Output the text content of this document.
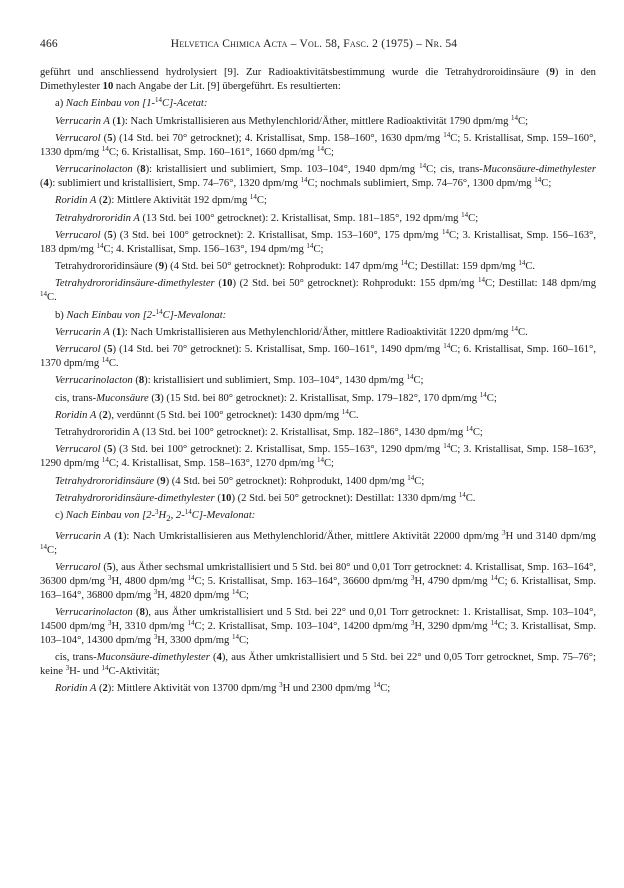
466	Helvetica Chimica Acta – Vol. 58, Fasc. 2 (1975) – Nr. 54

geführt und anschliessend hydrolysiert [9]. Zur Radioaktivitätsbestimmung wurde die Tetrahydroroidinsäure (9) in den Dimethylester 10 nach Angabe der Lit. [9] übergeführt. Es resultierten:

a) Nach Einbau von [1-$^{14}$C]-Acetat:

Verrucarin A (1): Nach Umkristallisieren aus Methylenchlorid/Äther, mittlere Radioaktivität 1790 dpm/mg $^{14}$C;

Verrucarol (5) (14 Std. bei 70° getrocknet); 4. Kristallisat, Smp. 158–160°, 1630 dpm/mg $^{14}$C; 5. Kristallisat, Smp. 159–160°, 1330 dpm/mg $^{14}$C; 6. Kristallisat, Smp. 160–161°, 1660 dpm/mg $^{14}$C;

Verrucarinolacton (8): kristallisiert und sublimiert, Smp. 103–104°, 1940 dpm/mg $^{14}$C; cis, trans-Muconsäure-dimethylester (4): sublimiert und kristallisiert, Smp. 74–76°, 1320 dpm/mg $^{14}$C; nochmals sublimiert, Smp. 74–76°, 1300 dpm/mg $^{14}$C;

Roridin A (2): Mittlere Aktivität 192 dpm/mg $^{14}$C;

Tetrahydrororidin A (13 Std. bei 100° getrocknet): 2. Kristallisat, Smp. 181–185°, 192 dpm/mg $^{14}$C;

Verrucarol (5) (3 Std. bei 100° getrocknet): 2. Kristallisat, Smp. 153–160°, 175 dpm/mg $^{14}$C; 3. Kristallisat, Smp. 156–163°, 183 dpm/mg $^{14}$C; 4. Kristallisat, Smp. 156–163°, 194 dpm/mg $^{14}$C;

Tetrahydrororidinsäure (9) (4 Std. bei 50° getrocknet): Rohprodukt: 147 dpm/mg $^{14}$C; Destillat: 159 dpm/mg $^{14}$C.

Tetrahydrororidinsäure-dimethylester (10) (2 Std. bei 50° getrocknet): Rohprodukt: 155 dpm/mg $^{14}$C; Destillat: 148 dpm/mg $^{14}$C.

b) Nach Einbau von [2-$^{14}$C]-Mevalonat:

Verrucarin A (1): Nach Umkristallisieren aus Methylenchlorid/Äther, mittlere Radioaktivität 1220 dpm/mg $^{14}$C.

Verrucarol (5) (14 Std. bei 70° getrocknet): 5. Kristallisat, Smp. 160–161°, 1490 dpm/mg $^{14}$C; 6. Kristallisat, Smp. 160–161°, 1370 dpm/mg $^{14}$C.

Verrucarinolacton (8): kristallisiert und sublimiert, Smp. 103–104°, 1430 dpm/mg $^{14}$C;

cis, trans-Muconsäure (3) (15 Std. bei 80° getrocknet): 2. Kristallisat, Smp. 179–182°, 170 dpm/mg $^{14}$C;

Roridin A (2), verdünnt (5 Std. bei 100° getrocknet): 1430 dpm/mg $^{14}$C.

Tetrahydrororidin A (13 Std. bei 100° getrocknet): 2. Kristallisat, Smp. 182–186°, 1430 dpm/mg $^{14}$C;

Verrucarol (5) (3 Std. bei 100° getrocknet): 2. Kristallisat, Smp. 155–163°, 1290 dpm/mg $^{14}$C; 3. Kristallisat, Smp. 158–163°, 1290 dpm/mg $^{14}$C; 4. Kristallisat, Smp. 158–163°, 1270 dpm/mg $^{14}$C;

Tetrahydrororidinsäure (9) (4 Std. bei 50° getrocknet): Rohprodukt, 1400 dpm/mg $^{14}$C;

Tetrahydrororidinsäure-dimethylester (10) (2 Std. bei 50° getrocknet): Destillat: 1330 dpm/mg $^{14}$C.

c) Nach Einbau von [$2-^3H_2$, 2-$^{14}$C]-Mevalonat:

Verrucarin A (1): Nach Umkristallisieren aus Methylenchlorid/Äther, mittlere Aktivität 22000 dpm/mg $^3$H und 3140 dpm/mg $^{14}$C;

Verrucarol (5), aus Äther sechsmal umkristallisiert und 5 Std. bei 80° und 0,01 Torr getrocknet: 4. Kristallisat, Smp. 163–164°, 36300 dpm/mg $^3$H, 4800 dpm/mg $^{14}$C; 5. Kristallisat, Smp. 163–164°, 36600 dpm/mg $^3$H, 4790 dpm/mg $^{14}$C; 6. Kristallisat, Smp. 163–164°, 36800 dpm/mg $^3$H, 4820 dpm/mg $^{14}$C;

Verrucarinolacton (8), aus Äther umkristallisiert und 5 Std. bei 22° und 0,01 Torr getrocknet: 1. Kristallisat, Smp. 103–104°, 14500 dpm/mg $^3$H, 3310 dpm/mg $^{14}$C; 2. Kristallisat, Smp. 103–104°, 14200 dpm/mg $^3$H, 3290 dpm/mg $^{14}$C; 3. Kristallisat, Smp. 103–104°, 14300 dpm/mg $^3$H, 3300 dpm/mg $^{14}$C;

cis, trans-Muconsäure-dimethylester (4), aus Äther umkristallisiert und 5 Std. bei 22° und 0,05 Torr getrocknet, Smp. 75–76°; keine $^3$H- und $^{14}$C-Aktivität;

Roridin A (2): Mittlere Aktivität von 13700 dpm/mg $^3$H und 2300 dpm/mg $^{14}$C;
